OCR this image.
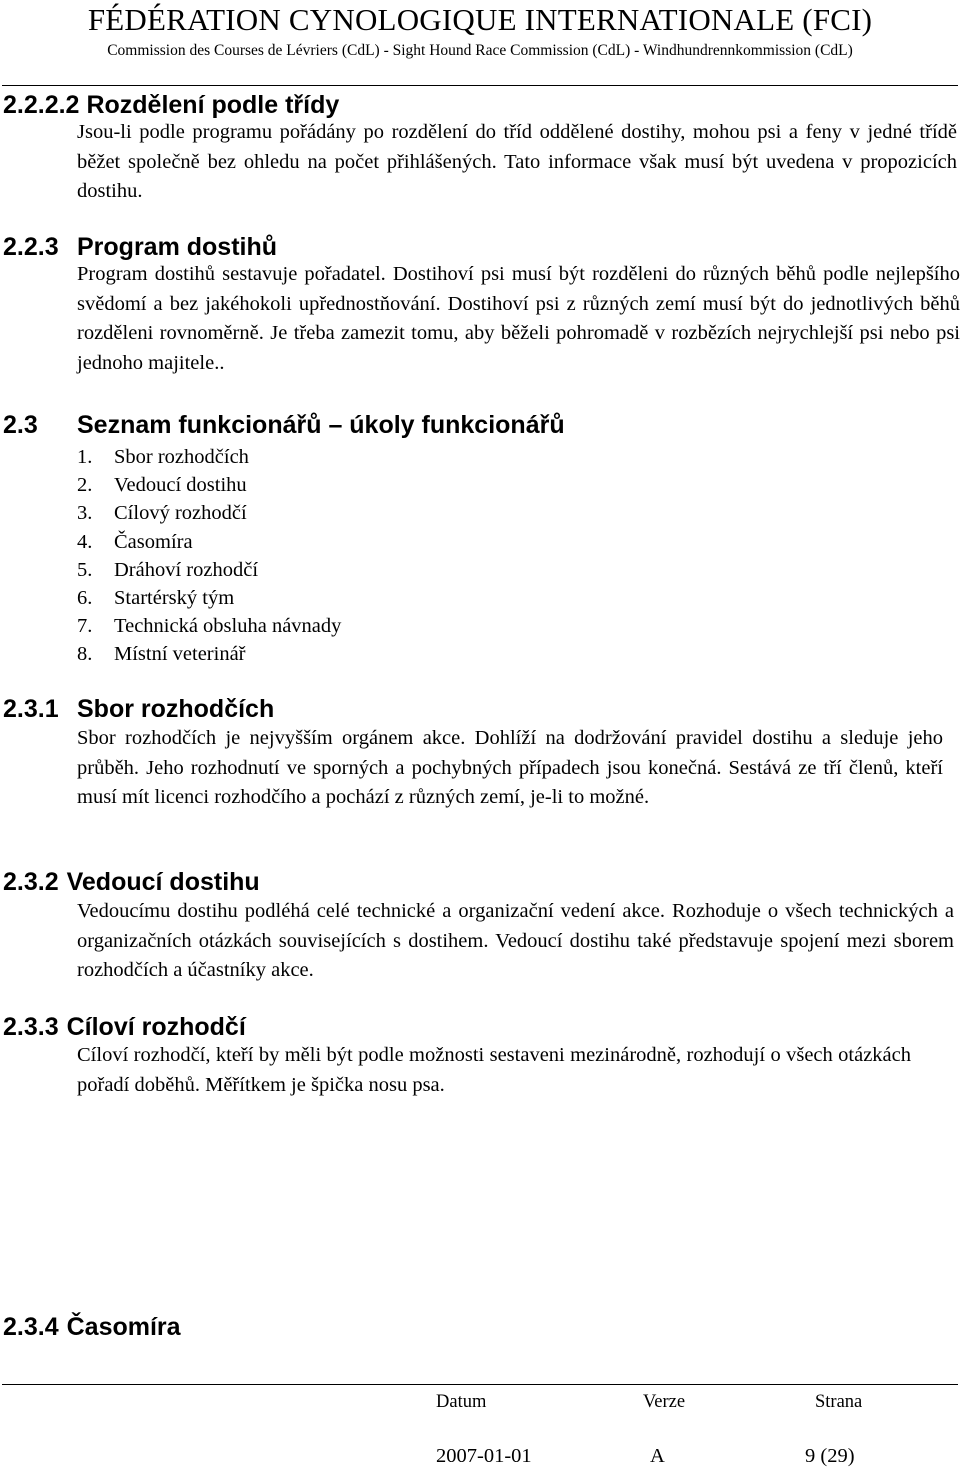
FÉDÉRATION CYNOLOGIQUE INTERNATIONALE (FCI)
Commission des Courses de Lévriers (CdL) - Sight Hound Race Commission (CdL) - Windhundrennkommission (CdL)
2.2.2.2 Rozdělení podle třídy
Jsou-li podle programu pořádány po rozdělení do tříd oddělené dostihy, mohou psi a feny v jedné třídě běžet společně bez ohledu na počet přihlášených. Tato informace však musí být uvedena v propozicích dostihu.
2.2.3 Program dostihů
Program dostihů sestavuje pořadatel. Dostihoví psi musí být rozděleni do různých běhů podle nejlepšího svědomí a bez jakéhokoli upřednostňování. Dostihoví psi z různých zemí musí být do jednotlivých běhů rozděleni rovnoměrně. Je třeba zamezit tomu, aby běželi pohromadě v rozbězích nejrychlejší psi nebo psi jednoho majitele..
2.3 Seznam funkcionářů – úkoly funkcionářů
1. Sbor rozhodčích
2. Vedoucí dostihu
3. Cílový rozhodčí
4. Časomíra
5. Dráhoví rozhodčí
6. Startérský tým
7. Technická obsluha návnady
8. Místní veterinář
2.3.1 Sbor rozhodčích
Sbor rozhodčích je nejvyšším orgánem akce. Dohlíží na dodržování pravidel dostihu a sleduje jeho průběh. Jeho rozhodnutí ve sporných a pochybných případech jsou konečná. Sestává ze tří členů, kteří musí mít licenci rozhodčího a pochází z různých zemí, je-li to možné.
2.3.2 Vedoucí dostihu
Vedoucímu dostihu podléhá celé technické a organizační vedení akce. Rozhoduje o všech technických a organizačních otázkách souvisejících s dostihem. Vedoucí dostihu také představuje spojení mezi sborem rozhodčích a účastníky akce.
2.3.3 Cíloví rozhodčí
Cíloví rozhodčí, kteří by měli být podle možnosti sestaveni mezinárodně, rozhodují o všech otázkách pořadí doběhů. Měřítkem je špička nosu psa.
2.3.4 Časomíra
Datum	Verze	Strana
2007-01-01	A	9 (29)
